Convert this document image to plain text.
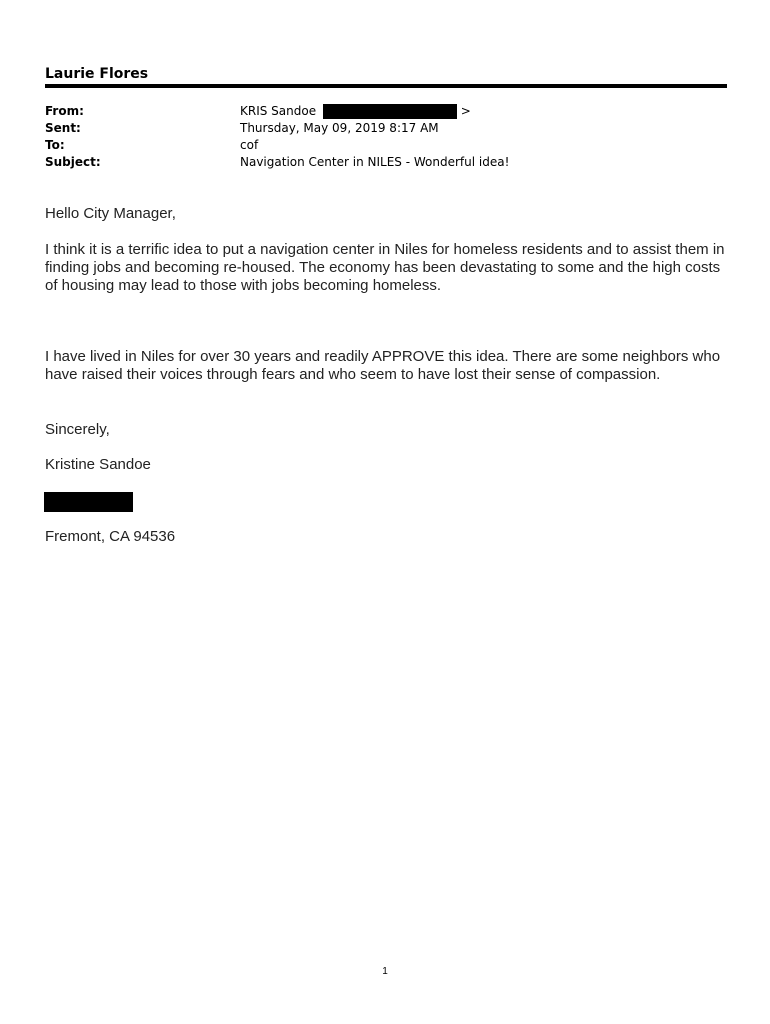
Laurie Flores
From:	KRIS Sandoe	>
Sent:	Thursday, May 09, 2019 8:17 AM
To:	cof
Subject:	Navigation Center in NILES - Wonderful idea!

Hello City Manager,

I think it is a terrific idea to put a navigation center in Niles for homeless residents and to assist them in finding jobs and becoming re-housed. The economy has been devastating to some and the high costs of housing may lead to those with jobs becoming homeless.

I have lived in Niles for over 30 years and readily APPROVE this idea. There are some neighbors who have raised their voices through fears and who seem to have lost their sense of compassion.

Sincerely,

Kristine Sandoe

Fremont, CA 94536

1
